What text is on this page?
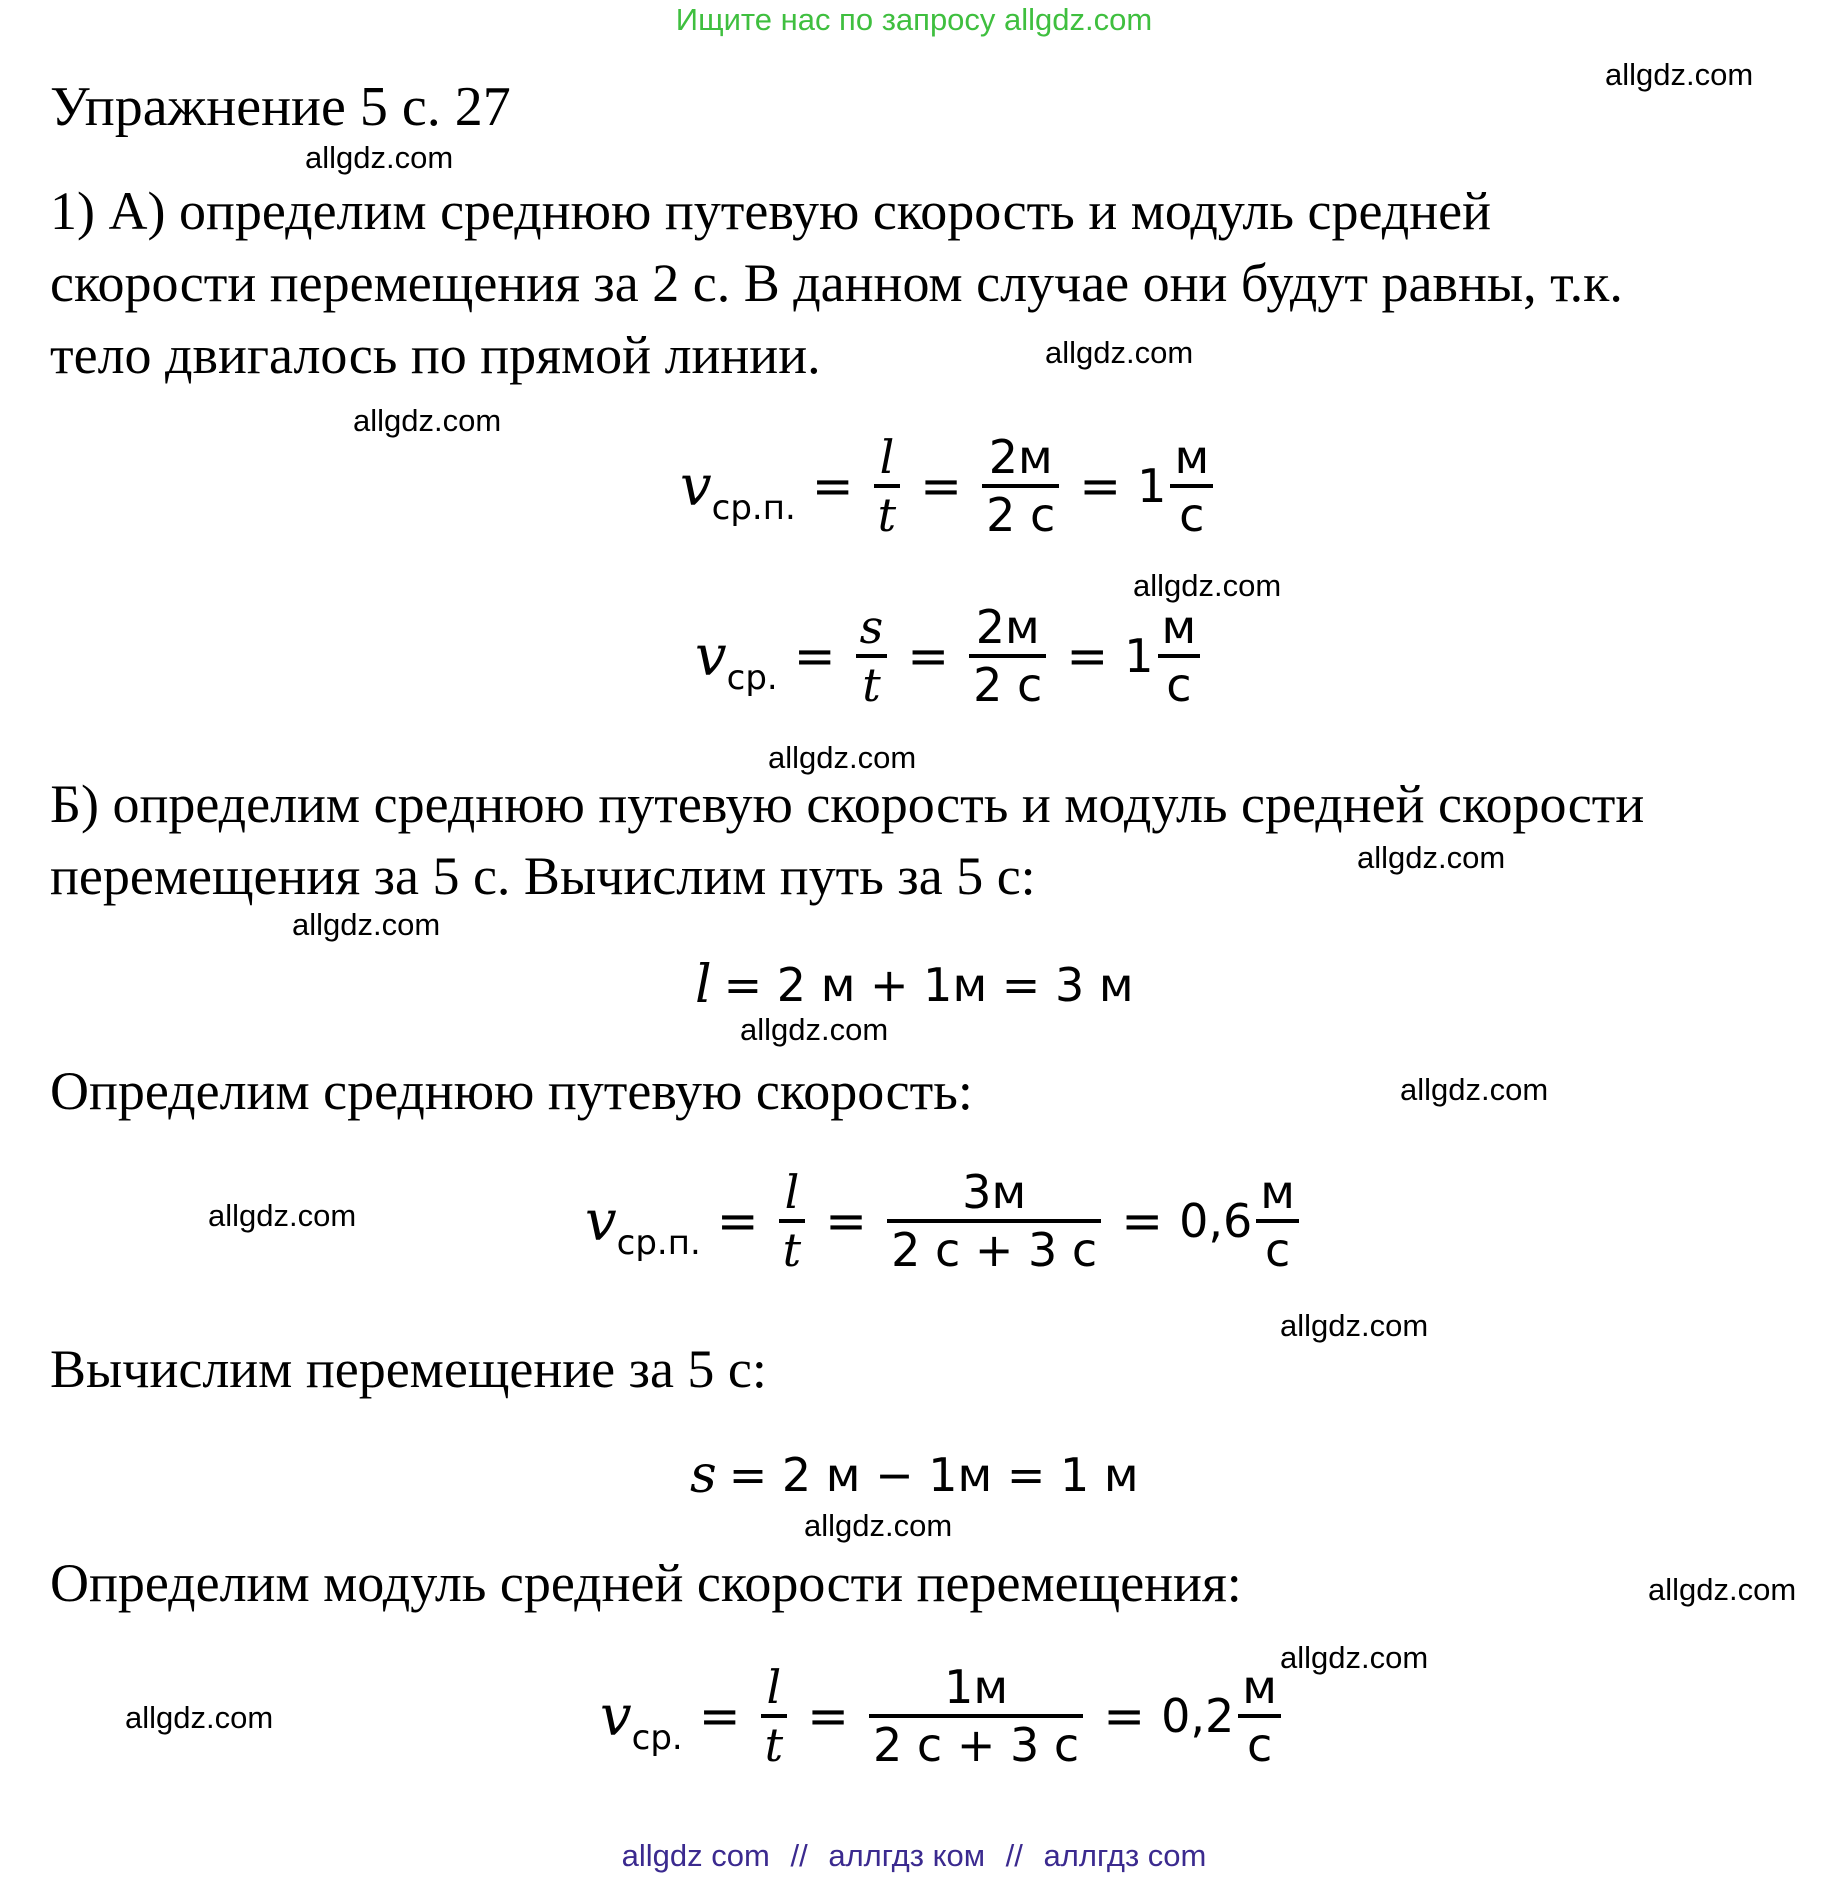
Ищите нас по запросу allgdz.com
Упражнение 5 с. 27
1) А) определим среднюю путевую скорость и модуль средней
скорости перемещения за 2 с. В данном случае они будут равны, т.к.
тело двигалось по прямой линии.
$v_{ср.п.} = \frac{l}{t} = \frac{2м}{2 с} = 1 \frac{м}{с}$
$v_{ср.} = \frac{s}{t} = \frac{2м}{2 с} = 1 \frac{м}{с}$
Б) определим среднюю путевую скорость и модуль средней скорости
перемещения за 5 с. Вычислим путь за 5 с:
l = 2 м + 1м = 3 м
Определим среднюю путевую скорость:
$v_{ср.п.} = \frac{l}{t} = \frac{3м}{2 с + 3 с} = 0,6 \frac{м}{с}$
Вычислим перемещение за 5 с:
s = 2 м − 1м = 1 м
Определим модуль средней скорости перемещения:
$v_{ср.} = \frac{l}{t} = \frac{1м}{2 с + 3 с} = 0,2 \frac{м}{с}$
allgdz.com
allgdz.com
allgdz.com
allgdz.com
allgdz.com
allgdz.com
allgdz.com
allgdz.com
allgdz.com
allgdz.com
allgdz.com
allgdz.com
allgdz.com
allgdz.com
allgdz.com
allgdz.com
allgdz com // аллгдз ком // аллгдз com
